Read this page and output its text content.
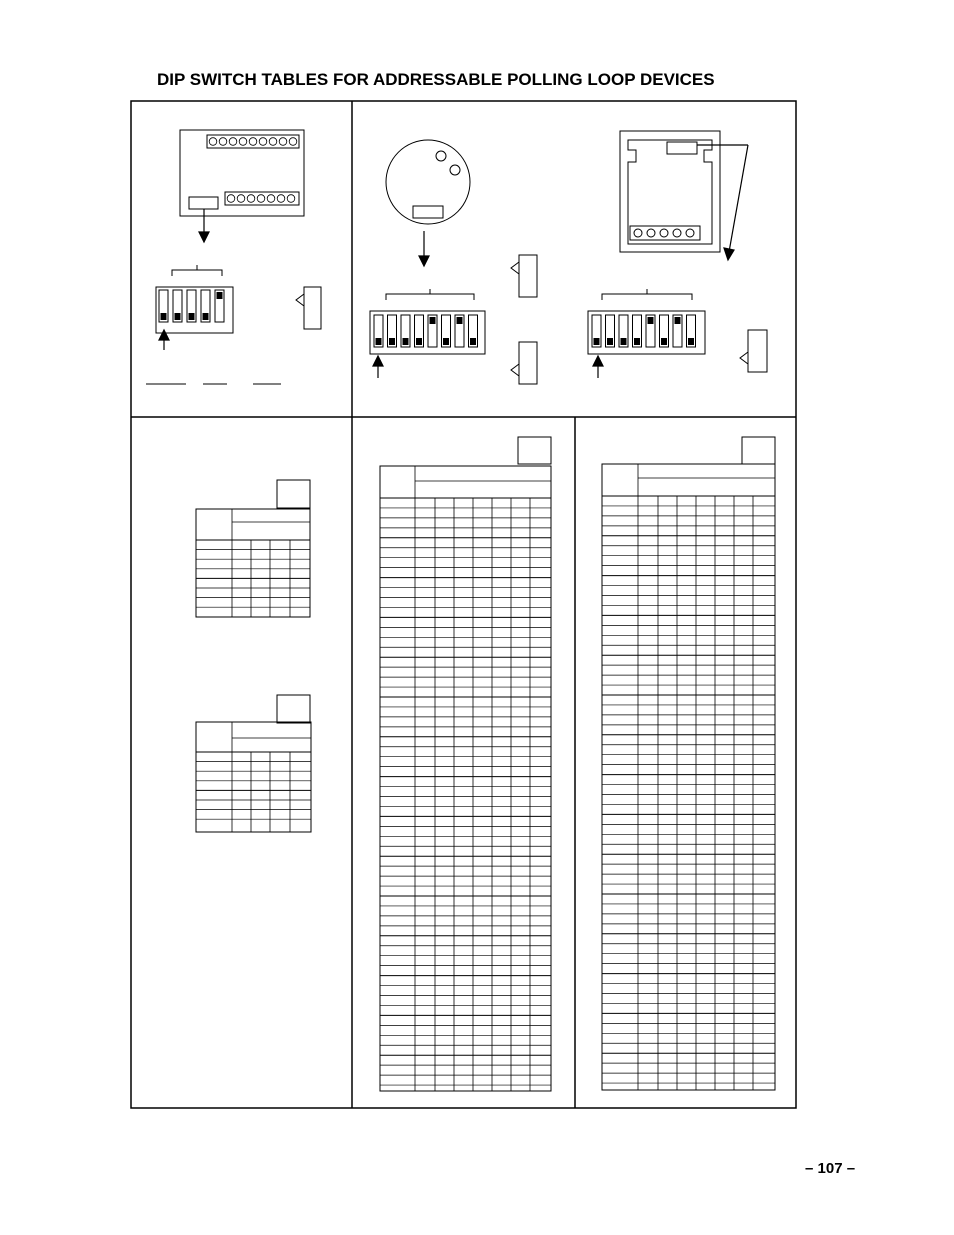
DIP SWITCH TABLES FOR ADDRESSABLE POLLING LOOP DEVICES

– 107 –
